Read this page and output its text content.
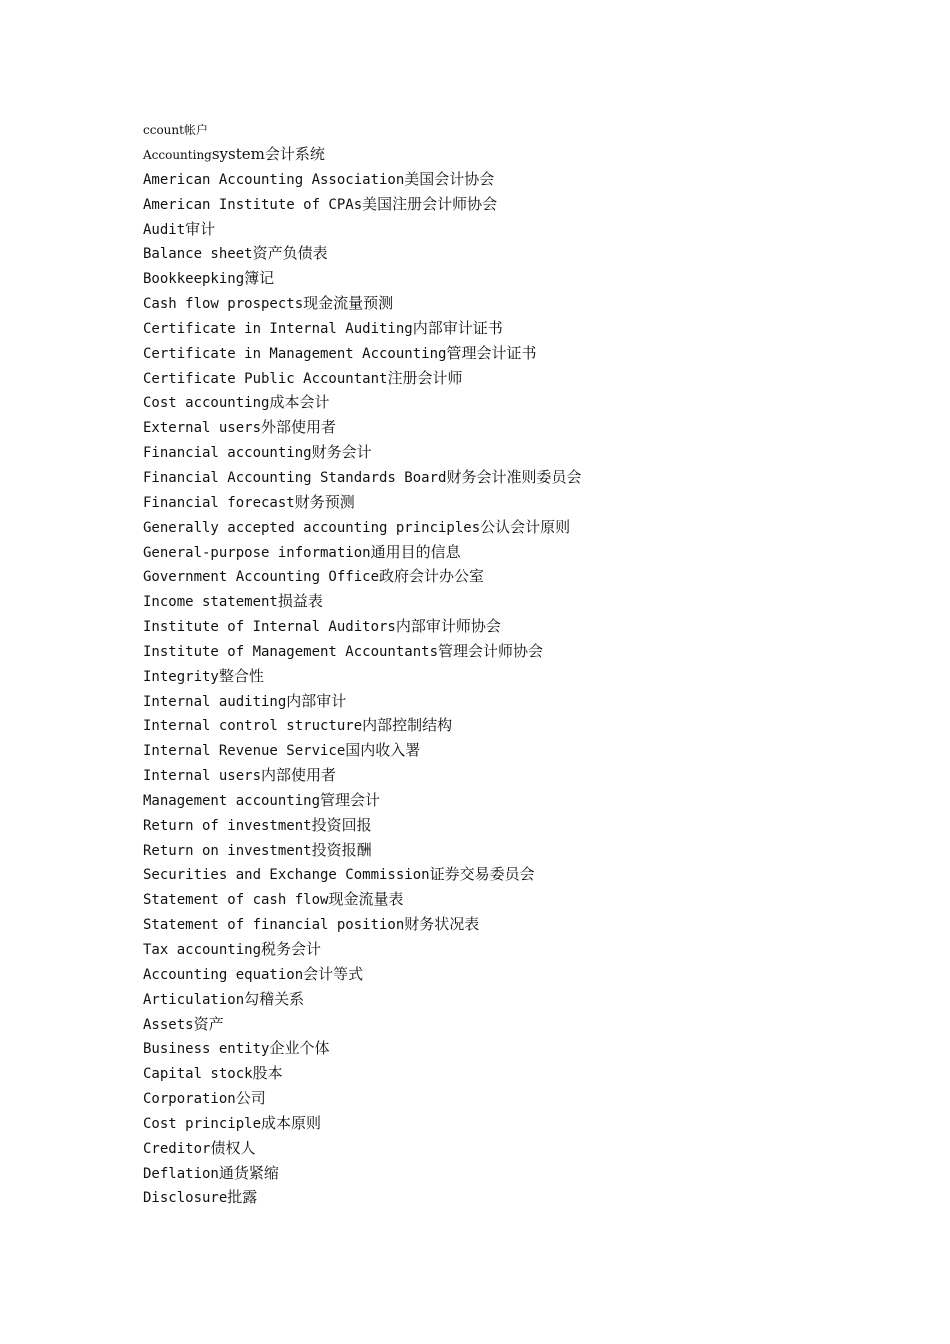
ccount帐户
Accountingsystem会计系统
American Accounting Association美国会计协会
American Institute of CPAs美国注册会计师协会
Audit审计
Balance sheet资产负债表
Bookkeepking簿记
Cash flow prospects现金流量预测
Certificate in Internal Auditing内部审计证书
Certificate in Management Accounting管理会计证书
Certificate Public Accountant注册会计师
Cost accounting成本会计
External users外部使用者
Financial accounting财务会计
Financial Accounting Standards Board财务会计准则委员会
Financial forecast财务预测
Generally accepted accounting principles公认会计原则
General-purpose information通用目的信息
Government Accounting Office政府会计办公室
Income statement损益表
Institute of Internal Auditors内部审计师协会
Institute of Management Accountants管理会计师协会
Integrity整合性
Internal auditing内部审计
Internal control structure内部控制结构
Internal Revenue Service国内收入署
Internal users内部使用者
Management accounting管理会计
Return of investment投资回报
Return on investment投资报酬
Securities and Exchange Commission证券交易委员会
Statement of cash flow现金流量表
Statement of financial position财务状况表
Tax accounting税务会计
Accounting equation会计等式
Articulation勾稽关系
Assets资产
Business entity企业个体
Capital stock股本
Corporation公司
Cost principle成本原则
Creditor债权人
Deflation通货紧缩
Disclosure批露
